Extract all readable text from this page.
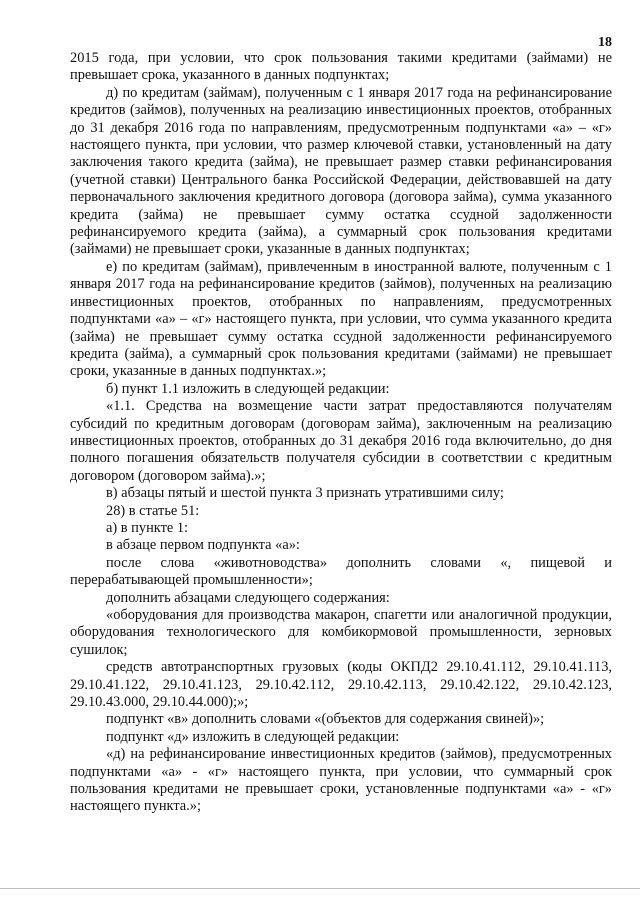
18

2015 года, при условии, что срок пользования такими кредитами (займами) не превышает срока, указанного в данных подпунктах;

д) по кредитам (займам), полученным с 1 января 2017 года на рефинансирование кредитов (займов), полученных на реализацию инвестиционных проектов, отобранных до 31 декабря 2016 года по направлениям, предусмотренным подпунктами «а» – «г» настоящего пункта, при условии, что размер ключевой ставки, установленный на дату заключения такого кредита (займа), не превышает размер ставки рефинансирования (учетной ставки) Центрального банка Российской Федерации, действовавшей на дату первоначального заключения кредитного договора (договора займа), сумма указанного кредита (займа) не превышает сумму остатка ссудной задолженности рефинансируемого кредита (займа), а суммарный срок пользования кредитами (займами) не превышает сроки, указанные в данных подпунктах;

е) по кредитам (займам), привлеченным в иностранной валюте, полученным с 1 января 2017 года на рефинансирование кредитов (займов), полученных на реализацию инвестиционных проектов, отобранных по направлениям, предусмотренных подпунктами «а» – «г» настоящего пункта, при условии, что сумма указанного кредита (займа) не превышает сумму остатка ссудной задолженности рефинансируемого кредита (займа), а суммарный срок пользования кредитами (займами) не превышает сроки, указанные в данных подпунктах.»;

б) пункт 1.1 изложить в следующей редакции:

«1.1. Средства на возмещение части затрат предоставляются получателям субсидий по кредитным договорам (договорам займа), заключенным на реализацию инвестиционных проектов, отобранных до 31 декабря 2016 года включительно, до дня полного погашения обязательств получателя субсидии в соответствии с кредитным договором (договором займа).»;

в) абзацы пятый и шестой пункта 3 признать утратившими силу;

28) в статье 51:

а) в пункте 1:

в абзаце первом подпункта «а»:

после слова «животноводства» дополнить словами «, пищевой и перерабатывающей промышленности»;

дополнить абзацами следующего содержания:

«оборудования для производства макарон, спагетти или аналогичной продукции, оборудования технологического для комбикормовой промышленности, зерновых сушилок;

средств автотранспортных грузовых (коды ОКПД2 29.10.41.112, 29.10.41.113, 29.10.41.122, 29.10.41.123, 29.10.42.112, 29.10.42.113, 29.10.42.122, 29.10.42.123, 29.10.43.000, 29.10.44.000);»;

подпункт «в» дополнить словами «(объектов для содержания свиней)»;

подпункт «д» изложить в следующей редакции:

«д) на рефинансирование инвестиционных кредитов (займов), предусмотренных подпунктами «а» - «г» настоящего пункта, при условии, что суммарный срок пользования кредитами не превышает сроки, установленные подпунктами «а» - «г» настоящего пункта.»;
